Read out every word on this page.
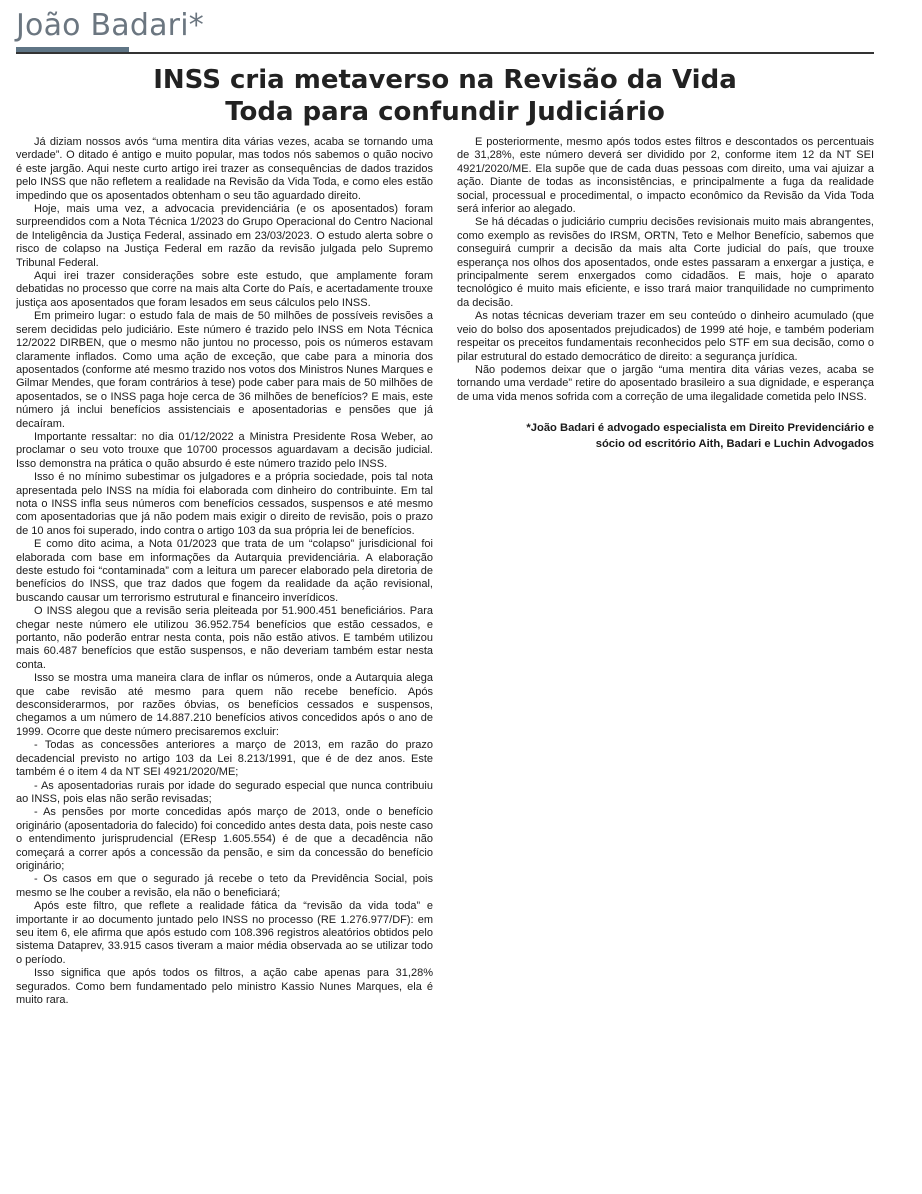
João Badari*
INSS cria metaverso na Revisão da Vida
Toda para confundir Judiciário

Já diziam nossos avós “uma mentira dita várias vezes, acaba se tornando uma verdade”. O ditado é antigo e muito popular, mas todos nós sabemos o quão nocivo é este jargão. Aqui neste curto artigo irei trazer as consequências de dados trazidos pelo INSS que não refletem a realidade na Revisão da Vida Toda, e como eles estão impedindo que os aposentados obtenham o seu tão aguardado direito.

Hoje, mais uma vez, a advocacia previdenciária (e os aposentados) foram surpreendidos com a Nota Técnica 1/2023 do Grupo Operacional do Centro Nacional de Inteligência da Justiça Federal, assinado em 23/03/2023. O estudo alerta sobre o risco de colapso na Justiça Federal em razão da revisão julgada pelo Supremo Tribunal Federal.

Aqui irei trazer considerações sobre este estudo, que amplamente foram debatidas no processo que corre na mais alta Corte do País, e acertadamente trouxe justiça aos aposentados que foram lesados em seus cálculos pelo INSS.

Em primeiro lugar: o estudo fala de mais de 50 milhões de possíveis revisões a serem decididas pelo judiciário. Este número é trazido pelo INSS em Nota Técnica 12/2022 DIRBEN, que o mesmo não juntou no processo, pois os números estavam claramente inflados. Como uma ação de exceção, que cabe para a minoria dos aposentados (conforme até mesmo trazido nos votos dos Ministros Nunes Marques e Gilmar Mendes, que foram contrários à tese) pode caber para mais de 50 milhões de aposentados, se o INSS paga hoje cerca de 36 milhões de benefícios? E mais, este número já inclui benefícios assistenciais e aposentadorias e pensões que já decaíram.

Importante ressaltar: no dia 01/12/2022 a Ministra Presidente Rosa Weber, ao proclamar o seu voto trouxe que 10700 processos aguardavam a decisão judicial. Isso demonstra na prática o quão absurdo é este número trazido pelo INSS.

Isso é no mínimo subestimar os julgadores e a própria sociedade, pois tal nota apresentada pelo INSS na mídia foi elaborada com dinheiro do contribuinte. Em tal nota o INSS infla seus números com benefícios cessados, suspensos e até mesmo com aposentadorias que já não podem mais exigir o direito de revisão, pois o prazo de 10 anos foi superado, indo contra o artigo 103 da sua própria lei de benefícios.

E como dito acima, a Nota 01/2023 que trata de um “colapso” jurisdicional foi elaborada com base em informações da Autarquia previdenciária. A elaboração deste estudo foi “contaminada” com a leitura um parecer elaborado pela diretoria de benefícios do INSS, que traz dados que fogem da realidade da ação revisional, buscando causar um terrorismo estrutural e financeiro inverídicos.

O INSS alegou que a revisão seria pleiteada por 51.900.451 beneficiários. Para chegar neste número ele utilizou 36.952.754 benefícios que estão cessados, e portanto, não poderão entrar nesta conta, pois não estão ativos. E também utilizou mais 60.487 benefícios que estão suspensos, e não deveriam também estar nesta conta.

Isso se mostra uma maneira clara de inflar os números, onde a Autarquia alega que cabe revisão até mesmo para quem não recebe benefício. Após desconsiderarmos, por razões óbvias, os benefícios cessados e suspensos, chegamos a um número de 14.887.210 benefícios ativos concedidos após o ano de 1999. Ocorre que deste número precisaremos excluir:

- Todas as concessões anteriores a março de 2013, em razão do prazo decadencial previsto no artigo 103 da Lei 8.213/1991, que é de dez anos. Este também é o item 4 da NT SEI 4921/2020/ME;

- As aposentadorias rurais por idade do segurado especial que nunca contribuiu ao INSS, pois elas não serão revisadas;

- As pensões por morte concedidas após março de 2013, onde o benefício originário (aposentadoria do falecido) foi concedido antes desta data, pois neste caso o entendimento jurisprudencial (EResp 1.605.554) é de que a decadência não começará a correr após a concessão da pensão, e sim da concessão do benefício originário;

- Os casos em que o segurado já recebe o teto da Previdência Social, pois mesmo se lhe couber a revisão, ela não o beneficiará;

Após este filtro, que reflete a realidade fática da “revisão da vida toda” e importante ir ao documento juntado pelo INSS no processo (RE 1.276.977/DF): em seu item 6, ele afirma que após estudo com 108.396 registros aleatórios obtidos pelo sistema Dataprev, 33.915 casos tiveram a maior média observada ao se utilizar todo o período.

Isso significa que após todos os filtros, a ação cabe apenas para 31,28% segurados. Como bem fundamentado pelo ministro Kassio Nunes Marques, ela é muito rara.

E posteriormente, mesmo após todos estes filtros e descontados os percentuais de 31,28%, este número deverá ser dividido por 2, conforme item 12 da NT SEI 4921/2020/ME. Ela supõe que de cada duas pessoas com direito, uma vai ajuizar a ação. Diante de todas as inconsistências, e principalmente a fuga da realidade social, processual e procedimental, o impacto econômico da Revisão da Vida Toda será inferior ao alegado.

Se há décadas o judiciário cumpriu decisões revisionais muito mais abrangentes, como exemplo as revisões do IRSM, ORTN, Teto e Melhor Benefício, sabemos que conseguirá cumprir a decisão da mais alta Corte judicial do país, que trouxe esperança nos olhos dos aposentados, onde estes passaram a enxergar a justiça, e principalmente serem enxergados como cidadãos. E mais, hoje o aparato tecnológico é muito mais eficiente, e isso trará maior tranquilidade no cumprimento da decisão.

As notas técnicas deveriam trazer em seu conteúdo o dinheiro acumulado (que veio do bolso dos aposentados prejudicados) de 1999 até hoje, e também poderiam respeitar os preceitos fundamentais reconhecidos pelo STF em sua decisão, como o pilar estrutural do estado democrático de direito: a segurança jurídica.

Não podemos deixar que o jargão “uma mentira dita várias vezes, acaba se tornando uma verdade” retire do aposentado brasileiro a sua dignidade, e esperança de uma vida menos sofrida com a correção de uma ilegalidade cometida pelo INSS.

*João Badari é advogado especialista em Direito Previdenciário e
sócio od escritório Aith, Badari e Luchin Advogados
